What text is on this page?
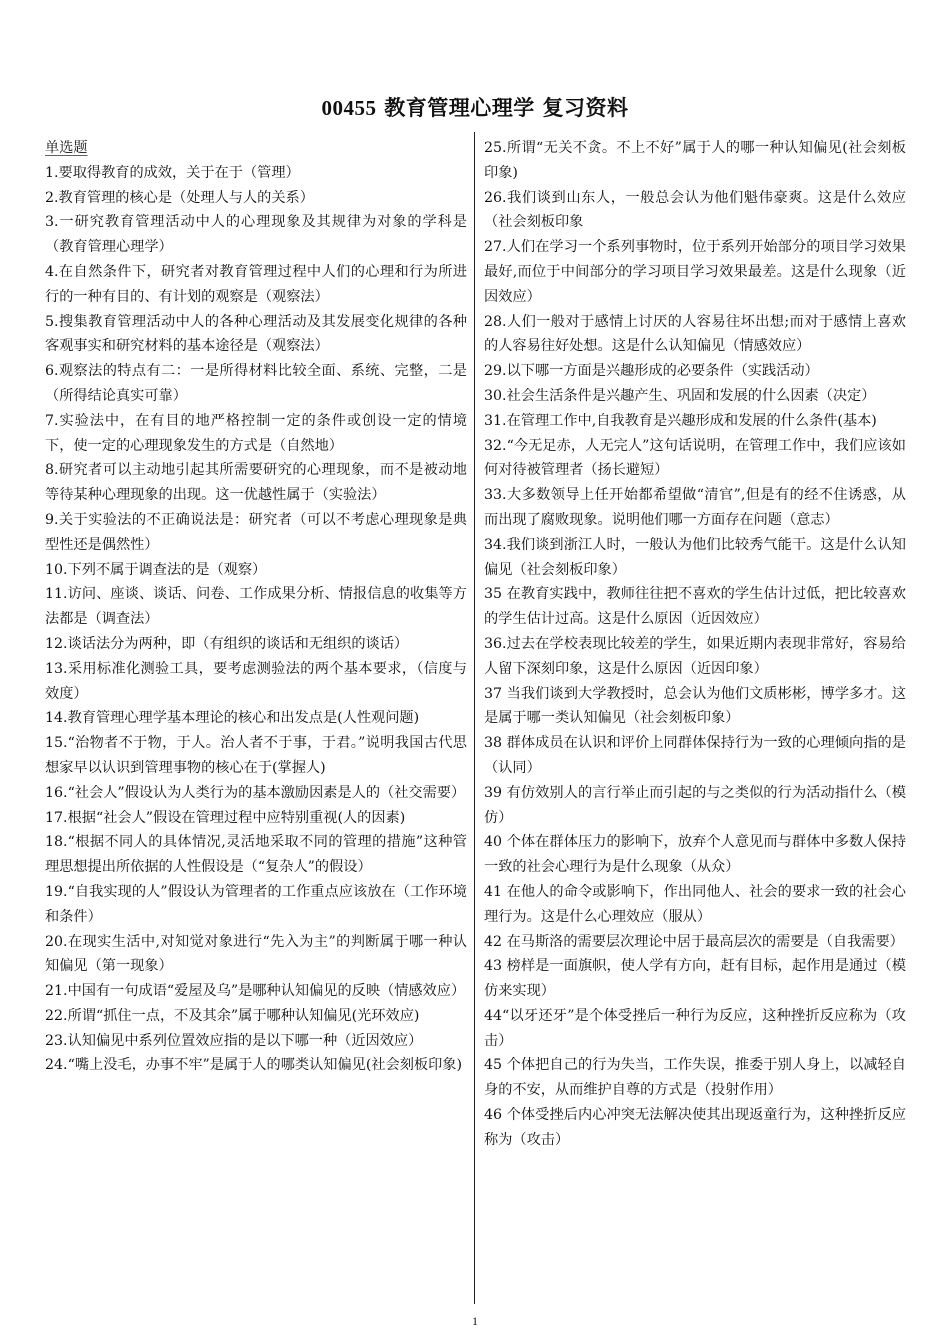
00455 教育管理心理学 复习资料
单选题

1.要取得教育的成效，关于在于（管理）

2.教育管理的核心是（处理人与人的关系）

3.一研究教育管理活动中人的心理现象及其规律为对象的学科是（教育管理心理学）

4.在自然条件下，研究者对教育管理过程中人们的心理和行为所进行的一种有目的、有计划的观察是（观察法）

5.搜集教育管理活动中人的各种心理活动及其发展变化规律的各种客观事实和研究材料的基本途径是（观察法）

6.观察法的特点有二：一是所得材料比较全面、系统、完整，二是（所得结论真实可靠）

7.实验法中，在有目的地严格控制一定的条件或创设一定的情境下，使一定的心理现象发生的方式是（自然地）

8.研究者可以主动地引起其所需要研究的心理现象，而不是被动地等待某种心理现象的出现。这一优越性属于（实验法）

9.关于实验法的不正确说法是：研究者（可以不考虑心理现象是典型性还是偶然性）

10.下列不属于调查法的是（观察）

11.访问、座谈、谈话、问卷、工作成果分析、情报信息的收集等方法都是（调查法）

12.谈话法分为两种，即（有组织的谈话和无组织的谈话）

13.采用标准化测验工具，要考虑测验法的两个基本要求，（信度与效度）

14.教育管理心理学基本理论的核心和出发点是(人性观问题)

15.“治物者不于物，于人。治人者不于事，于君。”说明我国古代思想家早以认识到管理事物的核心在于(掌握人)

16.“社会人”假设认为人类行为的基本激励因素是人的（社交需要）

17.根据“社会人”假设在管理过程中应特别重视(人的因素)

18.“根据不同人的具体情况,灵活地采取不同的管理的措施”这种管理思想提出所依据的人性假设是（“复杂人”的假设）

19.“自我实现的人”假设认为管理者的工作重点应该放在（工作环境和条件）

20.在现实生活中,对知觉对象进行“先入为主”的判断属于哪一种认知偏见（第一现象）

21.中国有一句成语“爱屋及乌”是哪种认知偏见的反映（情感效应）

22.所谓“抓住一点，不及其余”属于哪种认知偏见(光环效应)

23.认知偏见中系列位置效应指的是以下哪一种（近因效应）

24.“嘴上没毛，办事不牢”是属于人的哪类认知偏见(社会刻板印象)

25.所谓“无关不贪。不上不好”属于人的哪一种认知偏见(社会刻板印象)

26.我们谈到山东人，一般总会认为他们魁伟豪爽。这是什么效应（社会刻板印象

27.人们在学习一个系列事物时，位于系列开始部分的项目学习效果最好,而位于中间部分的学习项目学习效果最差。这是什么现象（近因效应）

28.人们一般对于感情上讨厌的人容易往坏出想;而对于感情上喜欢的人容易往好处想。这是什么认知偏见（情感效应）

29.以下哪一方面是兴趣形成的必要条件（实践活动）

30.社会生活条件是兴趣产生、巩固和发展的什么因素（决定）

31.在管理工作中,自我教育是兴趣形成和发展的什么条件(基本)

32.“今无足赤，人无完人”这句话说明，在管理工作中，我们应该如何对待被管理者（扬长避短）

33.大多数领导上任开始都希望做“清官”,但是有的经不住诱惑，从而出现了腐败现象。说明他们哪一方面存在问题（意志）

34.我们谈到浙江人时，一般认为他们比较秀气能干。这是什么认知偏见（社会刻板印象）

35 在教育实践中，教师往往把不喜欢的学生估计过低，把比较喜欢的学生估计过高。这是什么原因（近因效应）

36.过去在学校表现比较差的学生，如果近期内表现非常好，容易给人留下深刻印象，这是什么原因（近因印象）

37 当我们谈到大学教授时，总会认为他们文质彬彬，博学多才。这是属于哪一类认知偏见（社会刻板印象）

38 群体成员在认识和评价上同群体保持行为一致的心理倾向指的是（认同）

39 有仿效别人的言行举止而引起的与之类似的行为活动指什么（模仿）

40 个体在群体压力的影响下，放弃个人意见而与群体中多数人保持一致的社会心理行为是什么现象（从众）

41 在他人的命令或影响下，作出同他人、社会的要求一致的社会心理行为。这是什么心理效应（服从）

42 在马斯洛的需要层次理论中居于最高层次的需要是（自我需要）

43 榜样是一面旗帜，使人学有方向，赶有目标，起作用是通过（模仿来实现）

44“以牙还牙”是个体受挫后一种行为反应，这种挫折反应称为（攻击）

45 个体把自己的行为失当，工作失误，推委于别人身上，以减轻自身的不安，从而维护自尊的方式是（投射作用）

46 个体受挫后内心冲突无法解决使其出现返童行为，这种挫折反应称为（攻击）

1
